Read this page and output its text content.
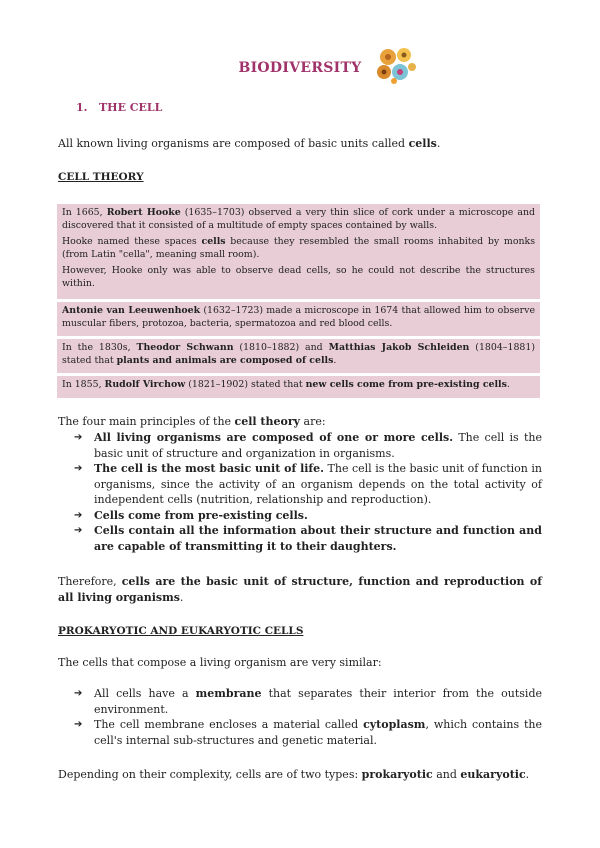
BIODIVERSITY
1. THE CELL
All known living organisms are composed of basic units called cells.
CELL THEORY

In 1665, Robert Hooke (1635–1703) observed a very thin slice of cork under a microscope and discovered that it consisted of a multitude of empty spaces contained by walls.

Hooke named these spaces cells because they resembled the small rooms inhabited by monks (from Latin "cella", meaning small room).

However, Hooke only was able to observe dead cells, so he could not describe the structures within.

Antonie van Leeuwenhoek (1632–1723) made a microscope in 1674 that allowed him to observe muscular fibers, protozoa, bacteria, spermatozoa and red blood cells.

In the 1830s, Theodor Schwann (1810–1882) and Matthias Jakob Schleiden (1804–1881) stated that plants and animals are composed of cells.

In 1855, Rudolf Virchow (1821–1902) stated that new cells come from pre-existing cells.

The four main principles of the cell theory are:
➔ All living organisms are composed of one or more cells. The cell is the basic unit of structure and organization in organisms.
➔ The cell is the most basic unit of life. The cell is the basic unit of function in organisms, since the activity of an organism depends on the total activity of independent cells (nutrition, relationship and reproduction).
➔ Cells come from pre-existing cells.
➔ Cells contain all the information about their structure and function and are capable of transmitting it to their daughters.
Therefore, cells are the basic unit of structure, function and reproduction of all living organisms.
PROKARYOTIC AND EUKARYOTIC CELLS
The cells that compose a living organism are very similar:
➔ All cells have a membrane that separates their interior from the outside environment.
➔ The cell membrane encloses a material called cytoplasm, which contains the cell's internal sub-structures and genetic material.
Depending on their complexity, cells are of two types: prokaryotic and eukaryotic.
